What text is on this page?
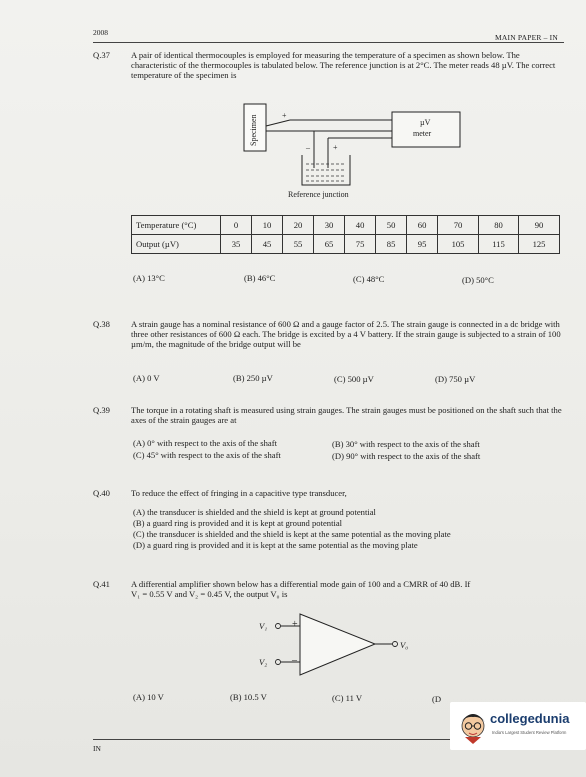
2008
MAIN PAPER – IN
Q.37	A pair of identical thermocouples is employed for measuring the temperature of a specimen as shown below. The characteristic of the thermocouples is tabulated below. The reference junction is at 2°C. The meter reads 48 µV. The correct temperature of the specimen is
Specimen	+
+
–
µV
meter
Reference junction
Temperature (°C)	0	10	20	30	40	50	60	70	80	90
Output (µV)	35	45	55	65	75	85	95	105	115	125
(A) 13°C	(B) 46°C	(C) 48°C	(D) 50°C
Q.38	A strain gauge has a nominal resistance of 600 Ω and a gauge factor of 2.5. The strain gauge is connected in a dc bridge with three other resistances of 600 Ω each. The bridge is excited by a 4 V battery. If the strain gauge is subjected to a strain of 100 µm/m, the magnitude of the bridge output will be
(A) 0 V	(B) 250 µV	(C) 500 µV	(D) 750 µV
Q.39	The torque in a rotating shaft is measured using strain gauges. The strain gauges must be positioned on the shaft such that the axes of the strain gauges are at
(A) 0° with respect to the axis of the shaft	(B) 30° with respect to the axis of the shaft
(C) 45° with respect to the axis of the shaft	(D) 90° with respect to the axis of the shaft
Q.40	To reduce the effect of fringing in a capacitive type transducer,
(A) the transducer is shielded and the shield is kept at ground potential
(B) a guard ring is provided and it is kept at ground potential
(C) the transducer is shielded and the shield is kept at the same potential as the moving plate
(D) a guard ring is provided and it is kept at the same potential as the moving plate
Q.41	A differential amplifier shown below has a differential mode gain of 100 and a CMRR of 40 dB. If
V₁ = 0.55 V and V₂ = 0.45 V, the output V₀ is
V₁
V₂
+
–
V₀
(A) 10 V	(B) 10.5 V	(C) 11 V	(D
IN
collegedunia
India's Largest Student Review Platform
